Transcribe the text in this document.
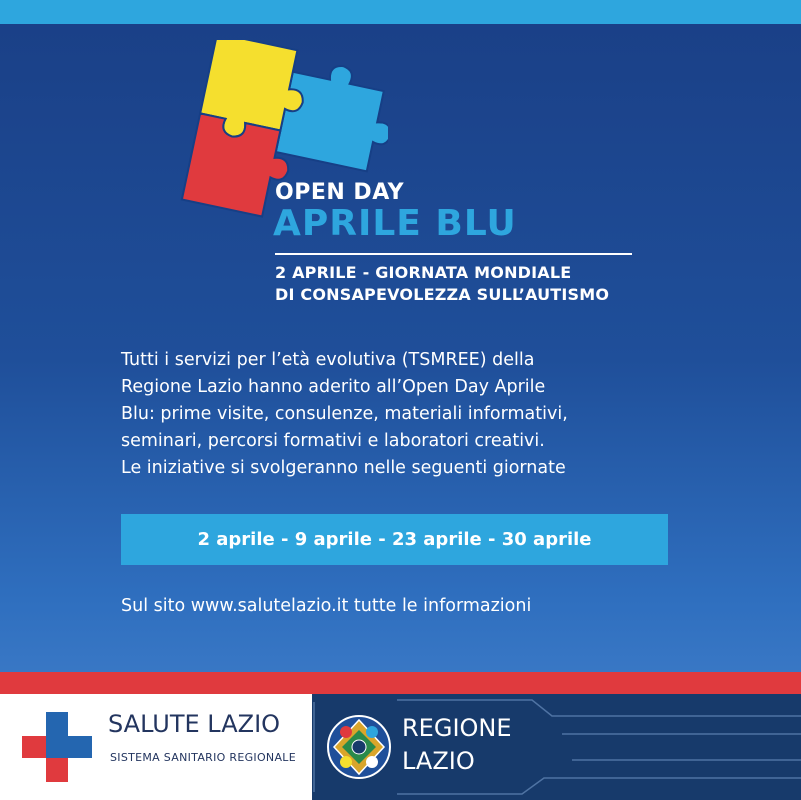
OPEN DAY
APRILE BLU
2 APRILE - GIORNATA MONDIALE
DI CONSAPEVOLEZZA SULL’AUTISMO
Tutti i servizi per l’età evolutiva (TSMREE) della
Regione Lazio hanno aderito all’Open Day Aprile
Blu: prime visite, consulenze, materiali informativi,
seminari, percorsi formativi e laboratori creativi.
Le iniziative si svolgeranno nelle seguenti giornate
2 aprile - 9 aprile - 23 aprile - 30 aprile
Sul sito www.salutelazio.it tutte le informazioni
SALUTE LAZIO
SISTEMA SANITARIO REGIONALE
REGIONE
LAZIO
